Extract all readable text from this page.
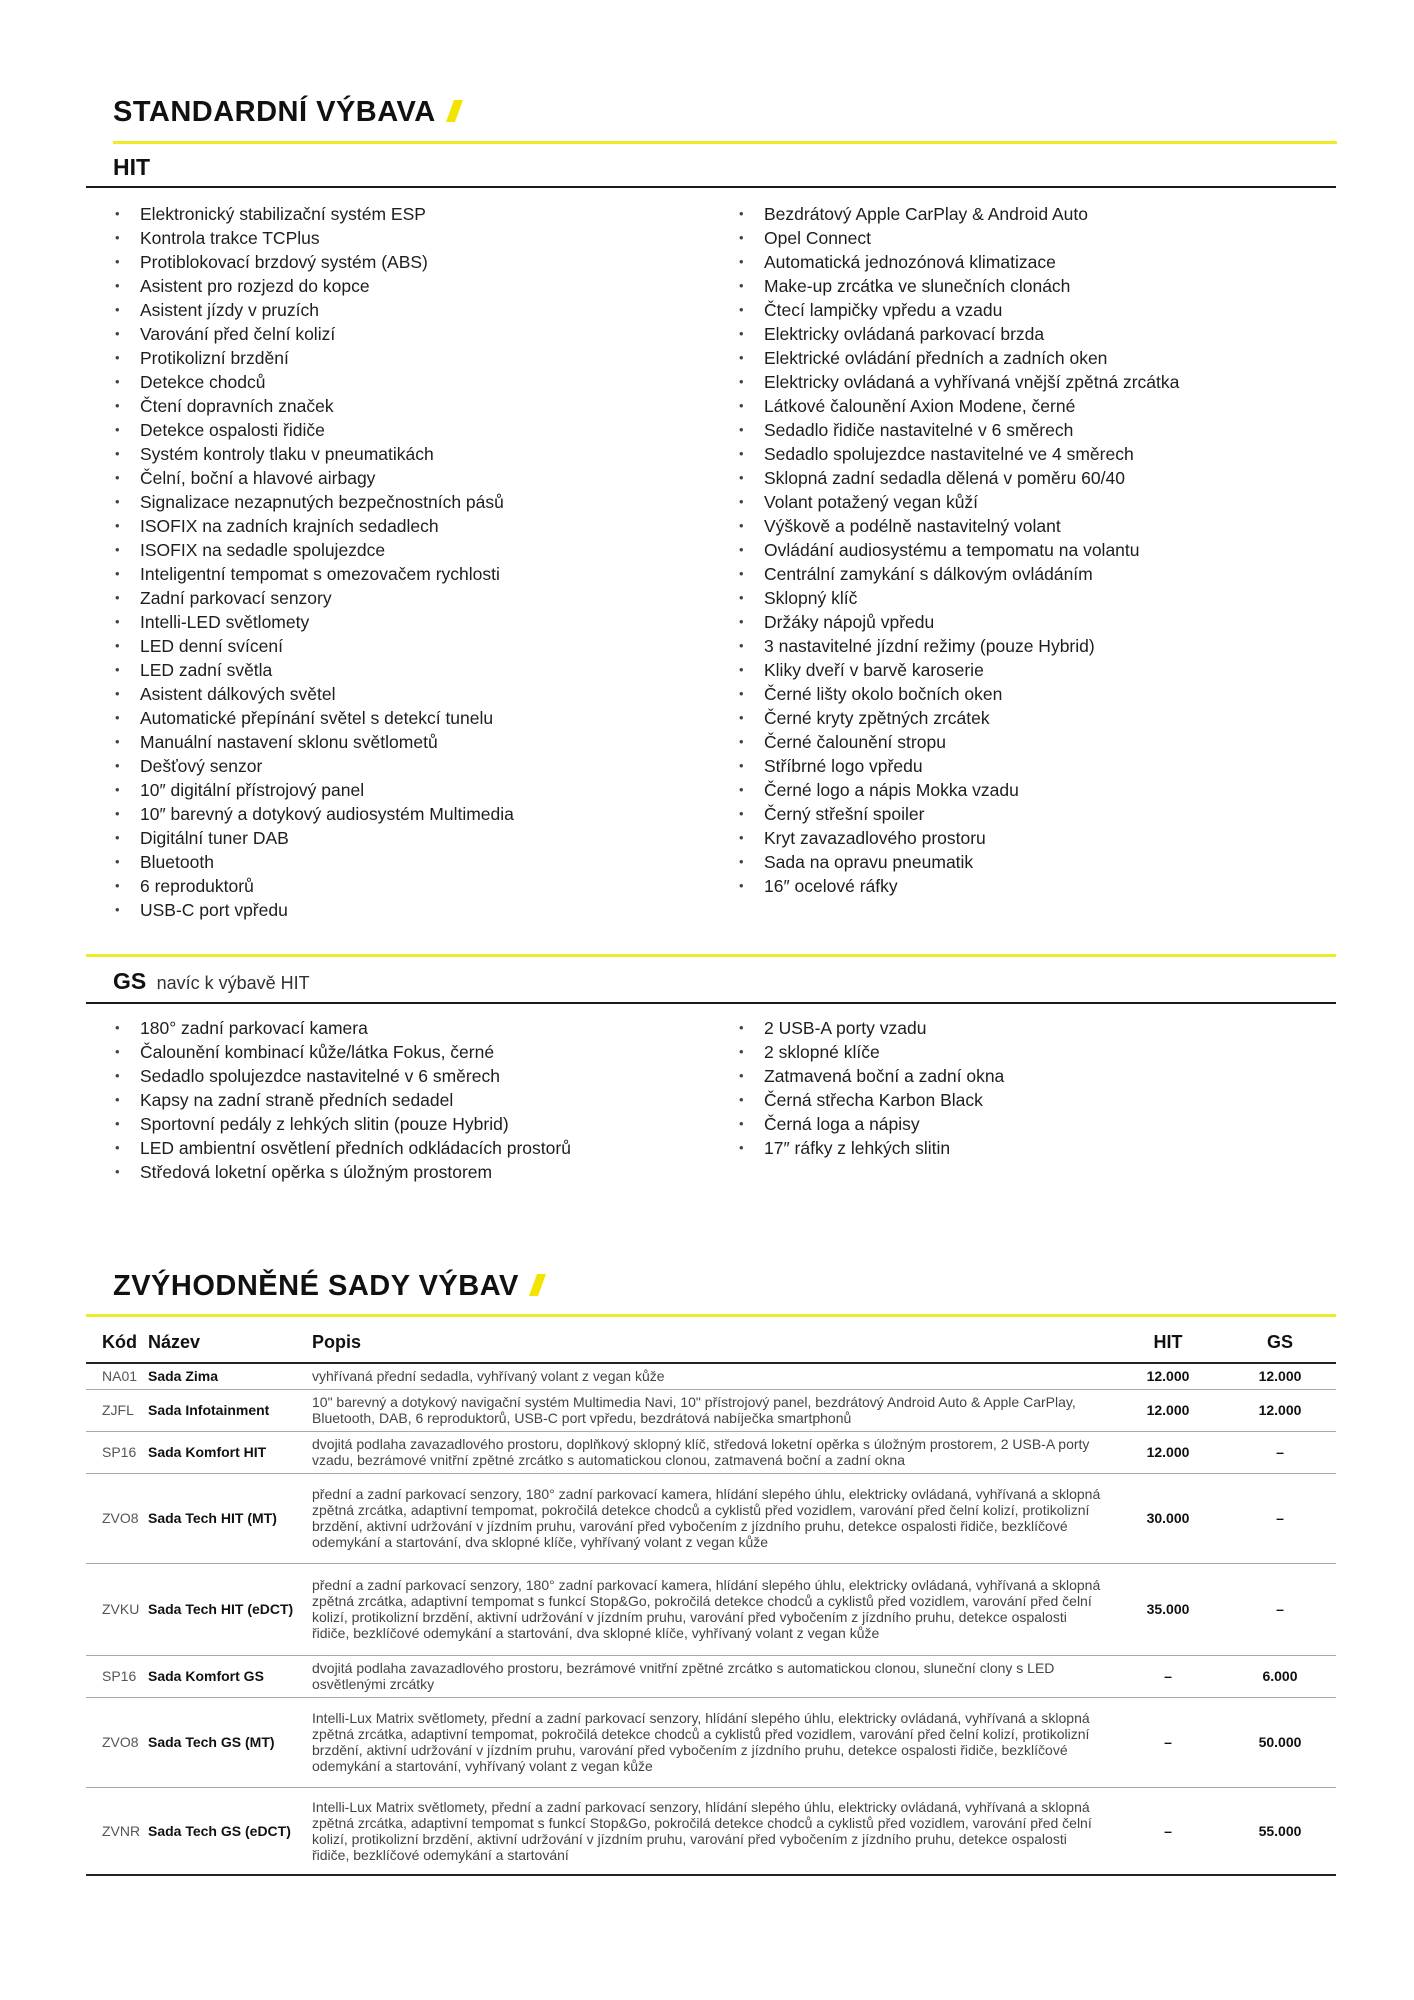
STANDARDNÍ VÝBAVA
HIT
• Elektronický stabilizační systém ESP
• Kontrola trakce TCPlus
• Protiblokovací brzdový systém (ABS)
• Asistent pro rozjezd do kopce
• Asistent jízdy v pruzích
• Varování před čelní kolizí
• Protikolizní brzdění
• Detekce chodců
• Čtení dopravních značek
• Detekce ospalosti řidiče
• Systém kontroly tlaku v pneumatikách
• Čelní, boční a hlavové airbagy
• Signalizace nezapnutých bezpečnostních pásů
• ISOFIX na zadních krajních sedadlech
• ISOFIX na sedadle spolujezdce
• Inteligentní tempomat s omezovačem rychlosti
• Zadní parkovací senzory
• Intelli-LED světlomety
• LED denní svícení
• LED zadní světla
• Asistent dálkových světel
• Automatické přepínání světel s detekcí tunelu
• Manuální nastavení sklonu světlometů
• Dešťový senzor
• 10″ digitální přístrojový panel
• 10″ barevný a dotykový audiosystém Multimedia
• Digitální tuner DAB
• Bluetooth
• 6 reproduktorů
• USB-C port vpředu
• Bezdrátový Apple CarPlay & Android Auto
• Opel Connect
• Automatická jednozónová klimatizace
• Make-up zrcátka ve slunečních clonách
• Čtecí lampičky vpředu a vzadu
• Elektricky ovládaná parkovací brzda
• Elektrické ovládání předních a zadních oken
• Elektricky ovládaná a vyhřívaná vnější zpětná zrcátka
• Látkové čalounění Axion Modene, černé
• Sedadlo řidiče nastavitelné v 6 směrech
• Sedadlo spolujezdce nastavitelné ve 4 směrech
• Sklopná zadní sedadla dělená v poměru 60/40
• Volant potažený vegan kůží
• Výškově a podélně nastavitelný volant
• Ovládání audiosystému a tempomatu na volantu
• Centrální zamykání s dálkovým ovládáním
• Sklopný klíč
• Držáky nápojů vpředu
• 3 nastavitelné jízdní režimy (pouze Hybrid)
• Kliky dveří v barvě karoserie
• Černé lišty okolo bočních oken
• Černé kryty zpětných zrcátek
• Černé čalounění stropu
• Stříbrné logo vpředu
• Černé logo a nápis Mokka vzadu
• Černý střešní spoiler
• Kryt zavazadlového prostoru
• Sada na opravu pneumatik
• 16″ ocelové ráfky
GS navíc k výbavě HIT
• 180° zadní parkovací kamera
• Čalounění kombinací kůže/látka Fokus, černé
• Sedadlo spolujezdce nastavitelné v 6 směrech
• Kapsy na zadní straně předních sedadel
• Sportovní pedály z lehkých slitin (pouze Hybrid)
• LED ambientní osvětlení předních odkládacích prostorů
• Středová loketní opěrka s úložným prostorem
• 2 USB-A porty vzadu
• 2 sklopné klíče
• Zatmavená boční a zadní okna
• Černá střecha Karbon Black
• Černá loga a nápisy
• 17″ ráfky z lehkých slitin
ZVÝHODNĚNÉ SADY VÝBAV
Kód	Název	Popis	HIT	GS
NA01	Sada Zima	vyhřívaná přední sedadla, vyhřívaný volant z vegan kůže	12.000	12.000
ZJFL	Sada Infotainment	10" barevný a dotykový navigační systém Multimedia Navi, 10" přístrojový panel, bezdrátový Android Auto & Apple CarPlay, Bluetooth, DAB, 6 reproduktorů, USB-C port vpředu, bezdrátová nabíječka smartphonů	12.000	12.000
SP16	Sada Komfort HIT	dvojitá podlaha zavazadlového prostoru, doplňkový sklopný klíč, středová loketní opěrka s úložným prostorem, 2 USB-A porty vzadu, bezrámové vnitřní zpětné zrcátko s automatickou clonou, zatmavená boční a zadní okna	12.000	–
ZVO8	Sada Tech HIT (MT)	přední a zadní parkovací senzory, 180° zadní parkovací kamera, hlídání slepého úhlu, elektricky ovládaná, vyhřívaná a sklopná zpětná zrcátka, adaptivní tempomat, pokročilá detekce chodců a cyklistů před vozidlem, varování před čelní kolizí, protikolizní brzdění, aktivní udržování v jízdním pruhu, varování před vybočením z jízdního pruhu, detekce ospalosti řidiče, bezklíčové odemykání a startování, dva sklopné klíče, vyhřívaný volant z vegan kůže	30.000	–
ZVKU	Sada Tech HIT (eDCT)	přední a zadní parkovací senzory, 180° zadní parkovací kamera, hlídání slepého úhlu, elektricky ovládaná, vyhřívaná a sklopná zpětná zrcátka, adaptivní tempomat s funkcí Stop&Go, pokročilá detekce chodců a cyklistů před vozidlem, varování před čelní kolizí, protikolizní brzdění, aktivní udržování v jízdním pruhu, varování před vybočením z jízdního pruhu, detekce ospalosti řidiče, bezklíčové odemykání a startování, dva sklopné klíče, vyhřívaný volant z vegan kůže	35.000	–
SP16	Sada Komfort GS	dvojitá podlaha zavazadlového prostoru, bezrámové vnitřní zpětné zrcátko s automatickou clonou, sluneční clony s LED osvětlenými zrcátky	–	6.000
ZVO8	Sada Tech GS (MT)	Intelli-Lux Matrix světlomety, přední a zadní parkovací senzory, hlídání slepého úhlu, elektricky ovládaná, vyhřívaná a sklopná zpětná zrcátka, adaptivní tempomat, pokročilá detekce chodců a cyklistů před vozidlem, varování před čelní kolizí, protikolizní brzdění, aktivní udržování v jízdním pruhu, varování před vybočením z jízdního pruhu, detekce ospalosti řidiče, bezklíčové odemykání a startování, vyhřívaný volant z vegan kůže	–	50.000
ZVNR	Sada Tech GS (eDCT)	Intelli-Lux Matrix světlomety, přední a zadní parkovací senzory, hlídání slepého úhlu, elektricky ovládaná, vyhřívaná a sklopná zpětná zrcátka, adaptivní tempomat s funkcí Stop&Go, pokročilá detekce chodců a cyklistů před vozidlem, varování před čelní kolizí, protikolizní brzdění, aktivní udržování v jízdním pruhu, varování před vybočením z jízdního pruhu, detekce ospalosti řidiče, bezklíčové odemykání a startování	–	55.000
